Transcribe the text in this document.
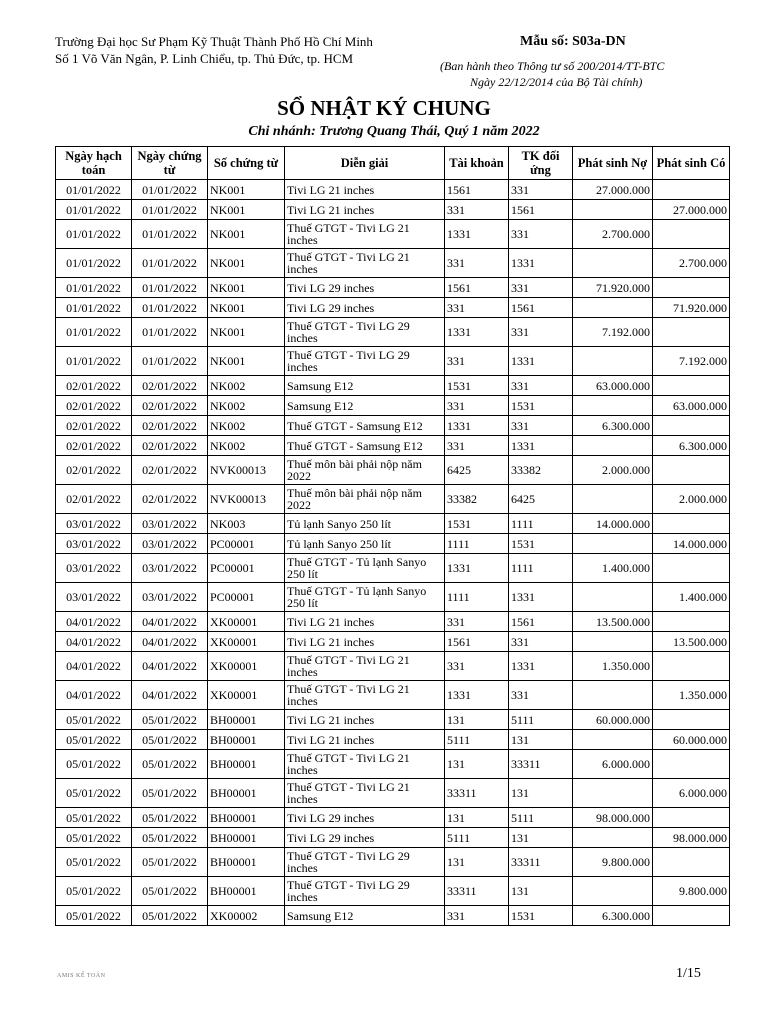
Trường Đại học Sư Phạm Kỹ Thuật Thành Phố Hồ Chí Minh
Số 1 Võ Văn Ngân, P. Linh Chiểu, tp. Thủ Đức, tp. HCM
Mẫu số: S03a-DN
(Ban hành theo Thông tư số 200/2014/TT-BTC
Ngày 22/12/2014 của Bộ Tài chính)
SỔ NHẬT KÝ CHUNG
Chi nhánh: Trương Quang Thái, Quý 1 năm 2022
Ngày hạch toán	Ngày chứng từ	Số chứng từ	Diễn giải	Tài khoản	TK đối ứng	Phát sinh Nợ	Phát sinh Có
01/01/2022	01/01/2022	NK001	Tivi LG 21 inches	1561	331	27.000.000	
01/01/2022	01/01/2022	NK001	Tivi LG 21 inches	331	1561		27.000.000
01/01/2022	01/01/2022	NK001	Thuế GTGT - Tivi LG 21 inches	1331	331	2.700.000	
01/01/2022	01/01/2022	NK001	Thuế GTGT - Tivi LG 21 inches	331	1331		2.700.000
01/01/2022	01/01/2022	NK001	Tivi LG 29 inches	1561	331	71.920.000	
01/01/2022	01/01/2022	NK001	Tivi LG 29 inches	331	1561		71.920.000
01/01/2022	01/01/2022	NK001	Thuế GTGT - Tivi LG 29 inches	1331	331	7.192.000	
01/01/2022	01/01/2022	NK001	Thuế GTGT - Tivi LG 29 inches	331	1331		7.192.000
02/01/2022	02/01/2022	NK002	Samsung E12	1531	331	63.000.000	
02/01/2022	02/01/2022	NK002	Samsung E12	331	1531		63.000.000
02/01/2022	02/01/2022	NK002	Thuế GTGT - Samsung E12	1331	331	6.300.000	
02/01/2022	02/01/2022	NK002	Thuế GTGT - Samsung E12	331	1331		6.300.000
02/01/2022	02/01/2022	NVK00013	Thuế môn bài phải nộp năm 2022	6425	33382	2.000.000	
02/01/2022	02/01/2022	NVK00013	Thuế môn bài phải nộp năm 2022	33382	6425		2.000.000
03/01/2022	03/01/2022	NK003	Tủ lạnh Sanyo 250 lít	1531	1111	14.000.000	
03/01/2022	03/01/2022	PC00001	Tủ lạnh Sanyo 250 lít	1111	1531		14.000.000
03/01/2022	03/01/2022	PC00001	Thuế GTGT - Tủ lạnh Sanyo 250 lít	1331	1111	1.400.000	
03/01/2022	03/01/2022	PC00001	Thuế GTGT - Tủ lạnh Sanyo 250 lít	1111	1331		1.400.000
04/01/2022	04/01/2022	XK00001	Tivi LG 21 inches	331	1561	13.500.000	
04/01/2022	04/01/2022	XK00001	Tivi LG 21 inches	1561	331		13.500.000
04/01/2022	04/01/2022	XK00001	Thuế GTGT - Tivi LG 21 inches	331	1331	1.350.000	
04/01/2022	04/01/2022	XK00001	Thuế GTGT - Tivi LG 21 inches	1331	331		1.350.000
05/01/2022	05/01/2022	BH00001	Tivi LG 21 inches	131	5111	60.000.000	
05/01/2022	05/01/2022	BH00001	Tivi LG 21 inches	5111	131		60.000.000
05/01/2022	05/01/2022	BH00001	Thuế GTGT - Tivi LG 21 inches	131	33311	6.000.000	
05/01/2022	05/01/2022	BH00001	Thuế GTGT - Tivi LG 21 inches	33311	131		6.000.000
05/01/2022	05/01/2022	BH00001	Tivi LG 29 inches	131	5111	98.000.000	
05/01/2022	05/01/2022	BH00001	Tivi LG 29 inches	5111	131		98.000.000
05/01/2022	05/01/2022	BH00001	Thuế GTGT - Tivi LG 29 inches	131	33311	9.800.000	
05/01/2022	05/01/2022	BH00001	Thuế GTGT - Tivi LG 29 inches	33311	131		9.800.000
05/01/2022	05/01/2022	XK00002	Samsung E12	331	1531	6.300.000	
AMIS KẾ TOÁN	1/15
